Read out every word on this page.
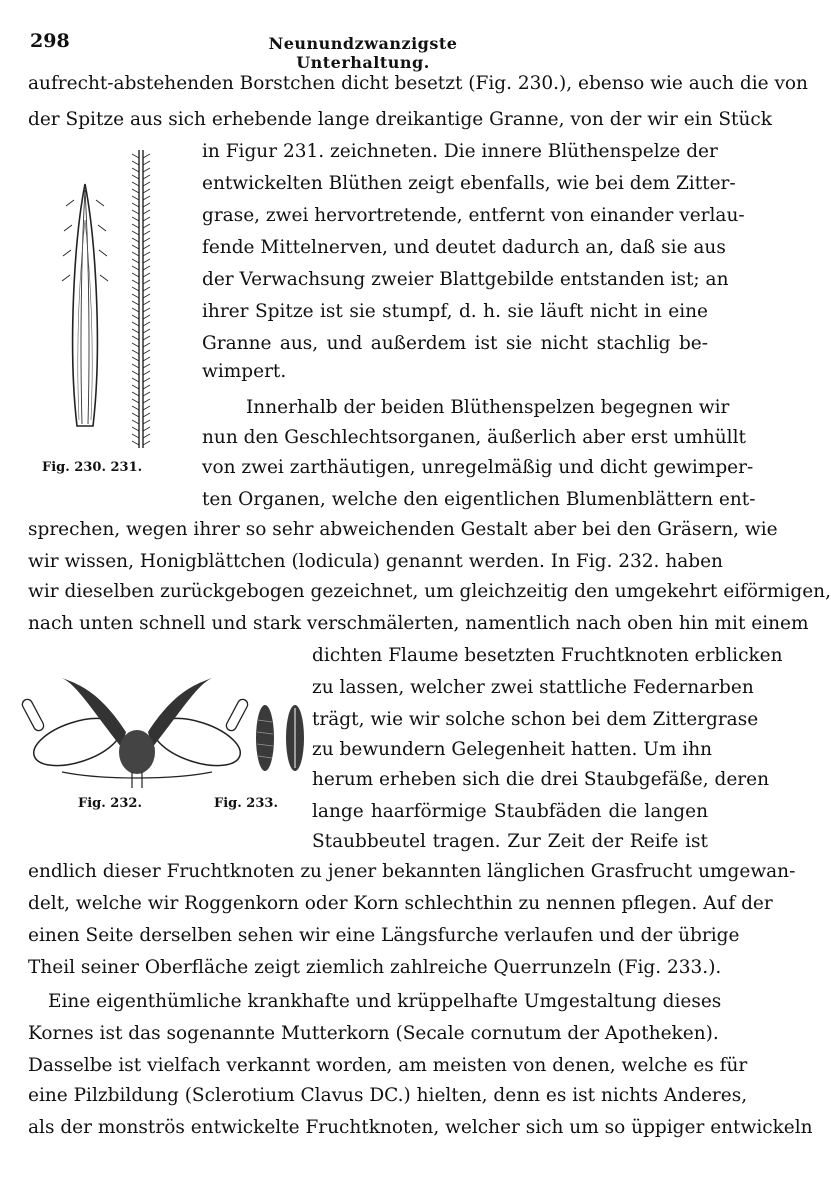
298	Neunundzwanzigste Unterhaltung.
aufrecht-abstehenden Borstchen dicht besetzt (Fig. 230.), ebenso wie auch die von
der Spitze aus sich erhebende lange dreikantige Granne, von der wir ein Stück
in Figur 231. zeichneten. Die innere Blüthenspelze der
entwickelten Blüthen zeigt ebenfalls, wie bei dem Zitter-
grase, zwei hervortretende, entfernt von einander verlau-
fende Mittelnerven, und deutet dadurch an, daß sie aus
der Verwachsung zweier Blattgebilde entstanden ist; an
ihrer Spitze ist sie stumpf, d. h. sie läuft nicht in eine
Granne aus, und außerdem ist sie nicht stachlig be-
wimpert.
Innerhalb der beiden Blüthenspelzen begegnen wir
nun den Geschlechtsorganen, äußerlich aber erst umhüllt
von zwei zarthäutigen, unregelmäßig und dicht gewimper-
ten Organen, welche den eigentlichen Blumenblättern ent-
sprechen, wegen ihrer so sehr abweichenden Gestalt aber bei den Gräsern, wie
wir wissen, Honigblättchen (lodicula) genannt werden. In Fig. 232. haben
wir dieselben zurückgebogen gezeichnet, um gleichzeitig den umgekehrt eiförmigen,
nach unten schnell und stark verschmälerten, namentlich nach oben hin mit einem
dichten Flaume besetzten Fruchtknoten erblicken
zu lassen, welcher zwei stattliche Federnarben
trägt, wie wir solche schon bei dem Zittergrase
zu bewundern Gelegenheit hatten. Um ihn
herum erheben sich die drei Staubgefäße, deren
lange haarförmige Staubfäden die langen
Staubbeutel tragen. Zur Zeit der Reife ist
endlich dieser Fruchtknoten zu jener bekannten länglichen Grasfrucht umgewan-
delt, welche wir Roggenkorn oder Korn schlechthin zu nennen pflegen. Auf der
einen Seite derselben sehen wir eine Längsfurche verlaufen und der übrige
Theil seiner Oberfläche zeigt ziemlich zahlreiche Querrunzeln (Fig. 233.).
Eine eigenthümliche krankhafte und krüppelhafte Umgestaltung dieses
Kornes ist das sogenannte Mutterkorn (Secale cornutum der Apotheken).
Dasselbe ist vielfach verkannt worden, am meisten von denen, welche es für
eine Pilzbildung (Sclerotium Clavus DC.) hielten, denn es ist nichts Anderes,
als der monströs entwickelte Fruchtknoten, welcher sich um so üppiger entwickeln
Fig. 230. 231.
Fig. 232.	Fig. 233.
